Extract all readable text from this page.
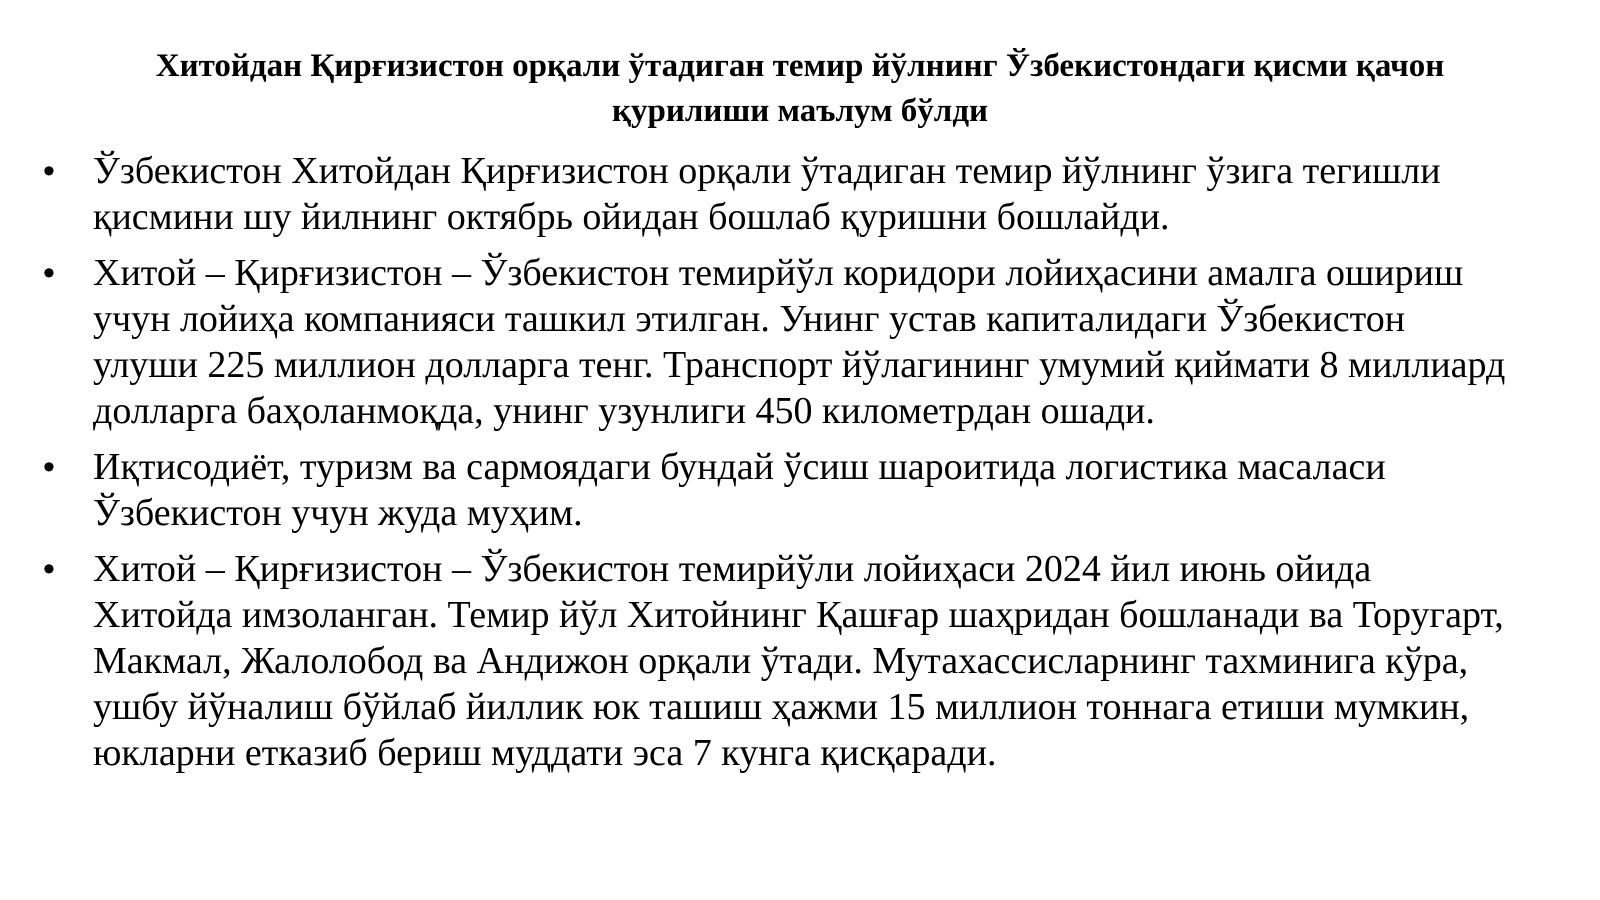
Хитойдан Қирғизистон орқали ўтадиган темир йўлнинг Ўзбекистондаги қисми қачон қурилиши маълум бўлди
• Ўзбекистон Хитойдан Қирғизистон орқали ўтадиган темир йўлнинг ўзига тегишли қисмини шу йилнинг октябрь ойидан бошлаб қуришни бошлайди.
• Хитой – Қирғизистон – Ўзбекистон темирйўл коридори лойиҳасини амалга ошириш учун лойиҳа компанияси ташкил этилган. Унинг устав капиталидаги Ўзбекистон улуши 225 миллион долларга тенг. Транспорт йўлагининг умумий қиймати 8 миллиард долларга баҳоланмоқда, унинг узунлиги 450 километрдан ошади.
• Иқтисодиёт, туризм ва сармоядаги бундай ўсиш шароитида логистика масаласи Ўзбекистон учун жуда муҳим.
• Хитой – Қирғизистон – Ўзбекистон темирйўли лойиҳаси 2024 йил июнь ойида Хитойда имзоланган. Темир йўл Хитойнинг Қашғар шаҳридан бошланади ва Торугарт, Макмал, Жалолобод ва Андижон орқали ўтади. Мутахассисларнинг тахминига кўра, ушбу йўналиш бўйлаб йиллик юк ташиш ҳажми 15 миллион тоннага етиши мумкин, юкларни етказиб бериш муддати эса 7 кунга қисқаради.
